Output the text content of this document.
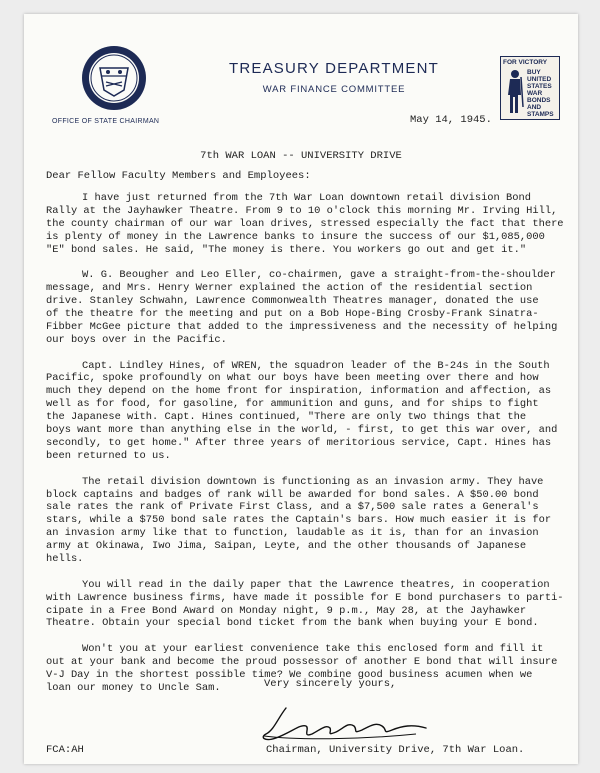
OFFICE OF STATE CHAIRMAN
TREASURY DEPARTMENT
WAR FINANCE COMMITTEE
FOR VICTORY
BUY
UNITED
STATES
WAR
BONDS
AND
STAMPS
May 14, 1945.
7th WAR LOAN -- UNIVERSITY DRIVE
Dear Fellow Faculty Members and Employees:

I have just returned from the 7th War Loan downtown retail division Bond
Rally at the Jayhawker Theatre. From 9 to 10 o'clock this morning Mr. Irving Hill,
the county chairman of our war loan drives, stressed especially the fact that there
is plenty of money in the Lawrence banks to insure the success of our $1,085,000
"E" bond sales. He said, "The money is there. You workers go out and get it."

W. G. Beougher and Leo Eller, co-chairmen, gave a straight-from-the-shoulder
message, and Mrs. Henry Werner explained the action of the residential section
drive. Stanley Schwahn, Lawrence Commonwealth Theatres manager, donated the use
of the theatre for the meeting and put on a Bob Hope-Bing Crosby-Frank Sinatra-
Fibber McGee picture that added to the impressiveness and the necessity of helping
our boys over in the Pacific.

Capt. Lindley Hines, of WREN, the squadron leader of the B-24s in the South
Pacific, spoke profoundly on what our boys have been meeting over there and how
much they depend on the home front for inspiration, information and affection, as
well as for food, for gasoline, for ammunition and guns, and for ships to fight
the Japanese with. Capt. Hines continued, "There are only two things that the
boys want more than anything else in the world, - first, to get this war over, and
secondly, to get home." After three years of meritorious service, Capt. Hines has
been returned to us.

The retail division downtown is functioning as an invasion army. They have
block captains and badges of rank will be awarded for bond sales. A $50.00 bond
sale rates the rank of Private First Class, and a $7,500 sale rates a General's
stars, while a $750 bond sale rates the Captain's bars. How much easier it is for
an invasion army like that to function, laudable as it is, than for an invasion
army at Okinawa, Iwo Jima, Saipan, Leyte, and the other thousands of Japanese hells.

You will read in the daily paper that the Lawrence theatres, in cooperation
with Lawrence business firms, have made it possible for E bond purchasers to parti-
cipate in a Free Bond Award on Monday night, 9 p.m., May 28, at the Jayhawker
Theatre. Obtain your special bond ticket from the bank when buying your E bond.

Won't you at your earliest convenience take this enclosed form and fill it
out at your bank and become the proud possessor of another E bond that will insure
V-J Day in the shortest possible time? We combine good business acumen when we
loan our money to Uncle Sam.	Very sincerely yours,
Chairman, University Drive, 7th War Loan.
FCA:AH
